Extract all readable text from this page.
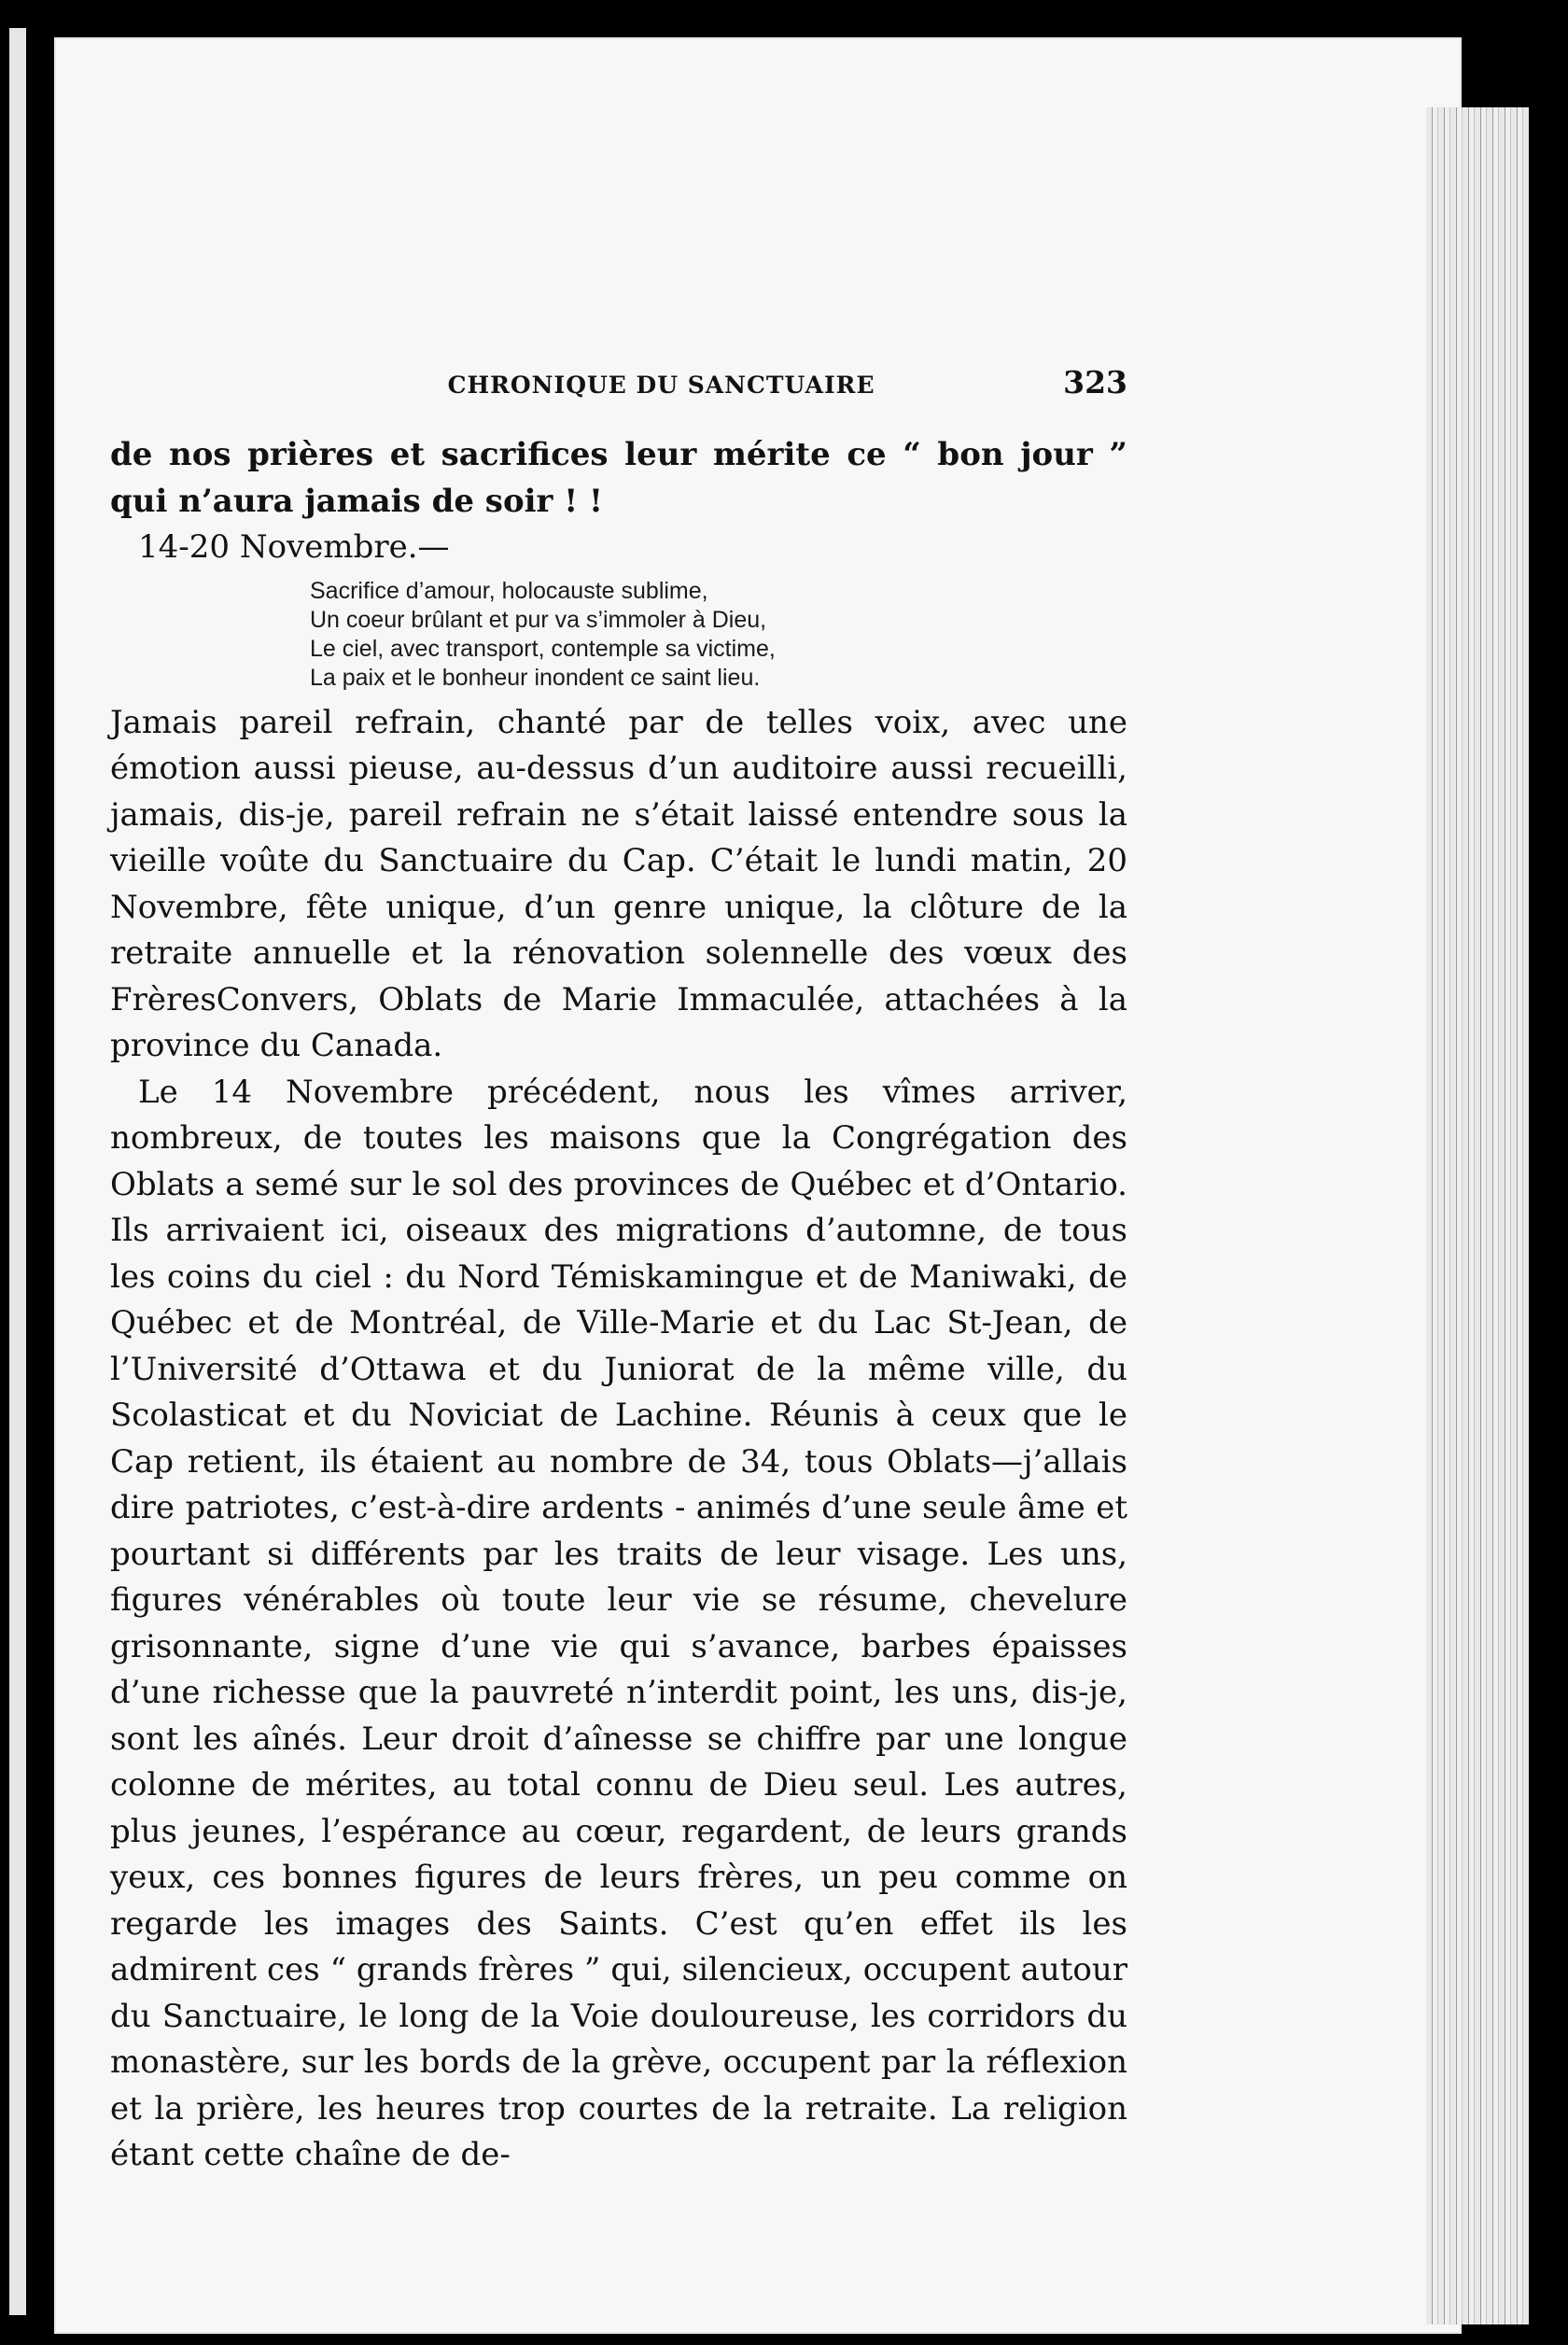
CHRONIQUE DU SANCTUAIRE	323

de nos prières et sacrifices leur mérite ce “ bon jour ” qui n’aura jamais de soir ! !

14-20 Novembre.—

Sacrifice d’amour, holocauste sublime,
Un coeur brûlant et pur va s’immoler à Dieu,
Le ciel, avec transport, contemple sa victime,
La paix et le bonheur inondent ce saint lieu.

Jamais pareil refrain, chanté par de telles voix, avec une émotion aussi pieuse, au-dessus d’un auditoire aussi recueilli, jamais, dis-je, pareil refrain ne s’était laissé entendre sous la vieille voûte du Sanctuaire du Cap. C’était le lundi matin, 20 Novembre, fête unique, d’un genre unique, la clôture de la retraite annuelle et la rénovation solennelle des vœux des FrèresConvers, Oblats de Marie Immaculée, attachées à la province du Canada.

Le 14 Novembre précédent, nous les vîmes arriver, nombreux, de toutes les maisons que la Congrégation des Oblats a semé sur le sol des provinces de Québec et d’Ontario. Ils arrivaient ici, oiseaux des migrations d’automne, de tous les coins du ciel : du Nord Témiskamingue et de Maniwaki, de Québec et de Montréal, de Ville-Marie et du Lac St-Jean, de l’Université d’Ottawa et du Juniorat de la même ville, du Scolasticat et du Noviciat de Lachine. Réunis à ceux que le Cap retient, ils étaient au nombre de 34, tous Oblats—j’allais dire patriotes, c’est-à-dire ardents - animés d’une seule âme et pourtant si différents par les traits de leur visage. Les uns, figures vénérables où toute leur vie se résume, chevelure grisonnante, signe d’une vie qui s’avance, barbes épaisses d’une richesse que la pauvreté n’interdit point, les uns, dis-je, sont les aînés. Leur droit d’aînesse se chiffre par une longue colonne de mérites, au total connu de Dieu seul. Les autres, plus jeunes, l’espérance au cœur, regardent, de leurs grands yeux, ces bonnes figures de leurs frères, un peu comme on regarde les images des Saints. C’est qu’en effet ils les admirent ces “ grands frères ” qui, silencieux, occupent autour du Sanctuaire, le long de la Voie douloureuse, les corridors du monastère, sur les bords de la grève, occupent par la réflexion et la prière, les heures trop courtes de la retraite. La religion étant cette chaîne de de-
